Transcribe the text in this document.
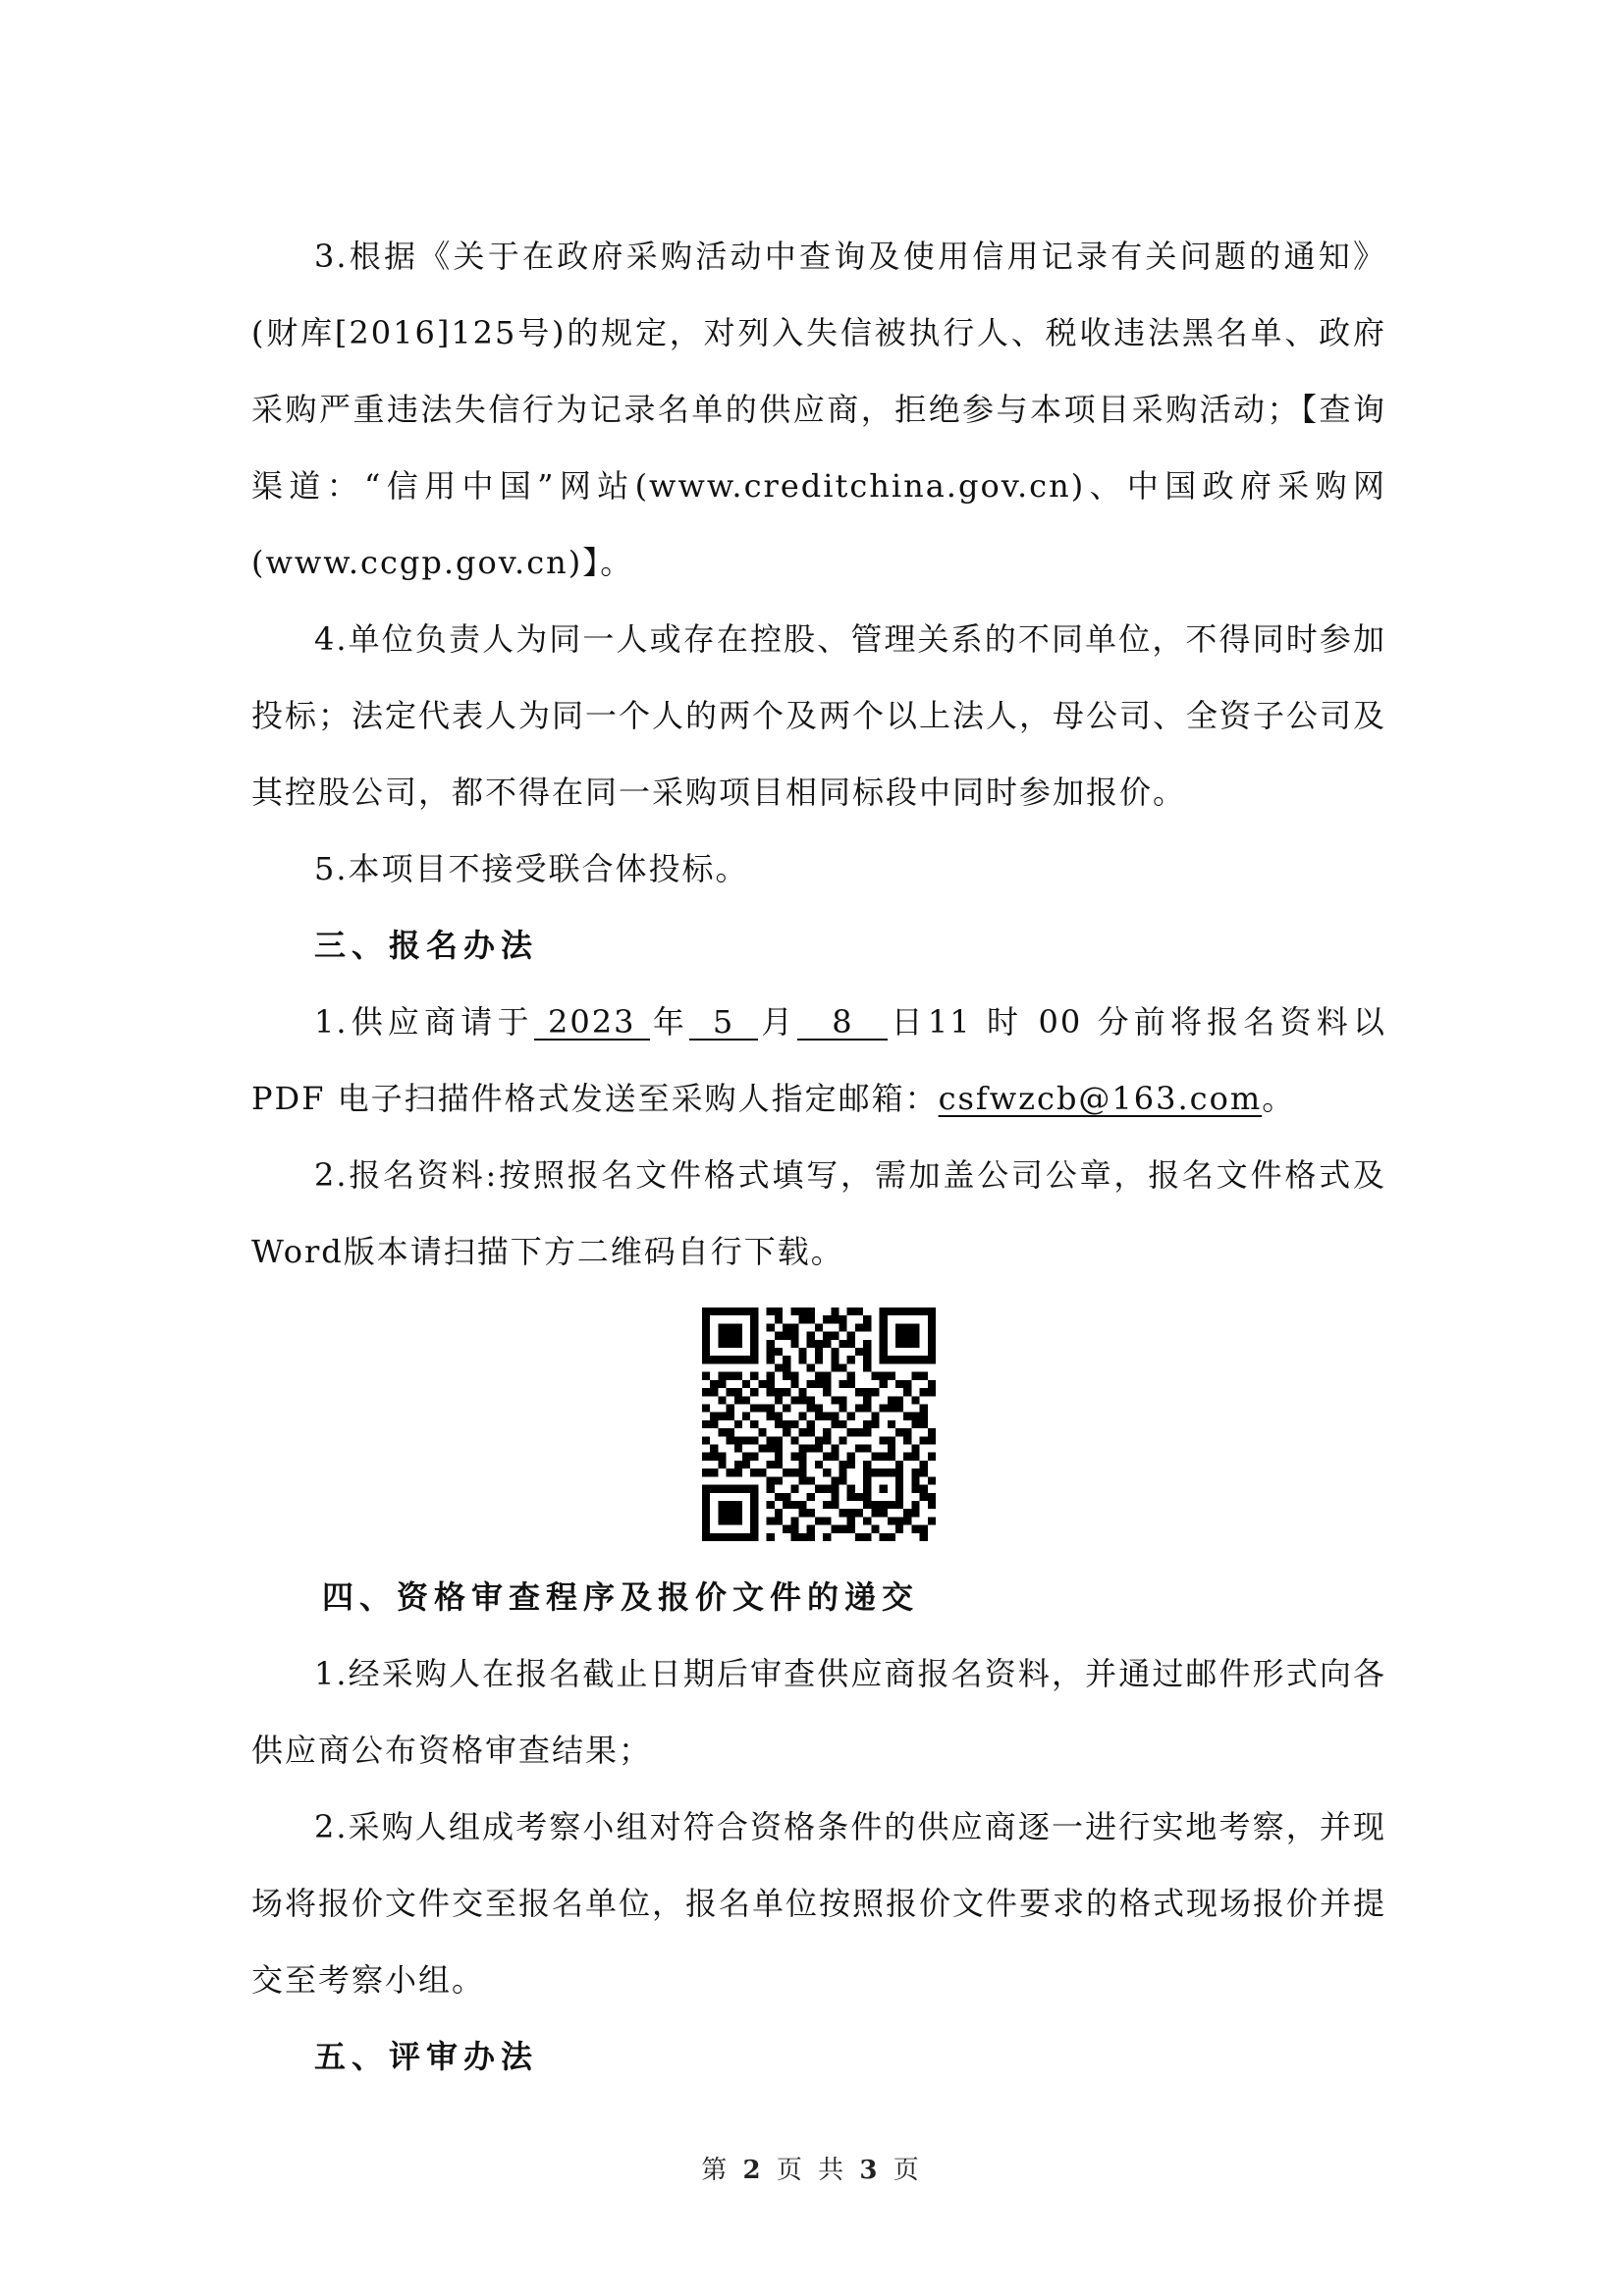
3.根据《关于在政府采购活动中查询及使用信用记录有关问题的通知》(财库[2016]125号)的规定，对列入失信被执行人、税收违法黑名单、政府采购严重违法失信行为记录名单的供应商，拒绝参与本项目采购活动；【查询渠道：“信用中国”网站(www.creditchina.gov.cn)、中国政府采购网(www.ccgp.gov.cn)】。

4.单位负责人为同一人或存在控股、管理关系的不同单位，不得同时参加投标；法定代表人为同一个人的两个及两个以上法人，母公司、全资子公司及其控股公司，都不得在同一采购项目相同标段中同时参加报价。

5.本项目不接受联合体投标。

三、报名办法

1.供应商请于 2023 年 5 月 8 日11 时 00 分前将报名资料以 PDF 电子扫描件格式发送至采购人指定邮箱：csfwzcb@163.com。

2.报名资料:按照报名文件格式填写，需加盖公司公章，报名文件格式及Word版本请扫描下方二维码自行下载。

四、资格审查程序及报价文件的递交

1.经采购人在报名截止日期后审查供应商报名资料，并通过邮件形式向各供应商公布资格审查结果；

2.采购人组成考察小组对符合资格条件的供应商逐一进行实地考察，并现场将报价文件交至报名单位，报名单位按照报价文件要求的格式现场报价并提交至考察小组。

五、评审办法
第 2 页 共 3 页
